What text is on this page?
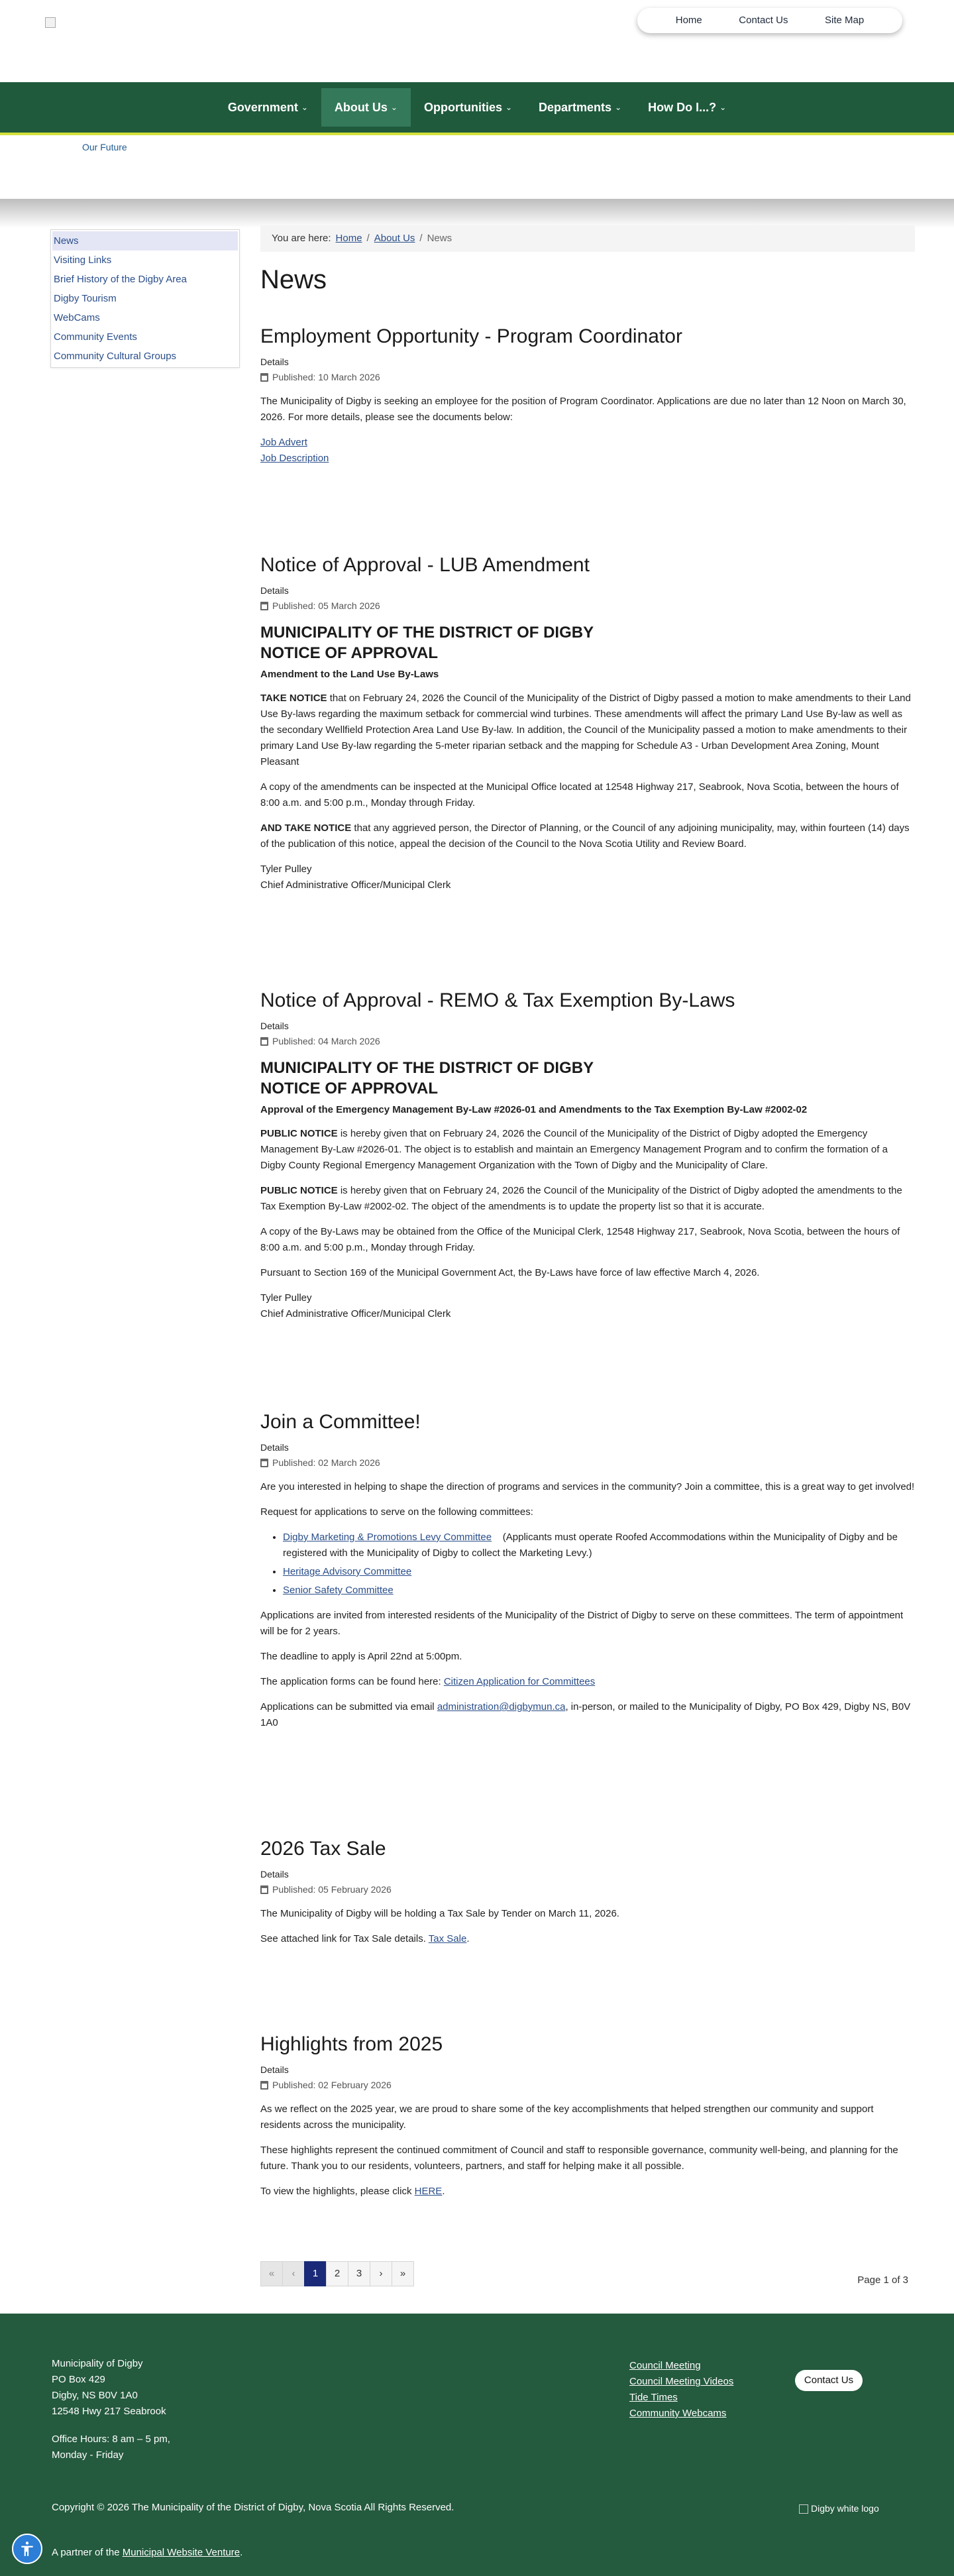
Home	Contact Us	Site Map
Government ⌄ About Us ⌄ Opportunities ⌄ Departments ⌄ How Do I...? ⌄
Our Future
News
Visiting Links
Brief History of the Digby Area
Digby Tourism
WebCams
Community Events
Community Cultural Groups
You are here: Home / About Us / News
News
Employment Opportunity - Program Coordinator
Details
Published: 10 March 2026

The Municipality of Digby is seeking an employee for the position of Program Coordinator. Applications are due no later than 12 Noon on March 30, 2026. For more details, please see the documents below:

Job Advert
Job Description
Notice of Approval - LUB Amendment
Details
Published: 05 March 2026
MUNICIPALITY OF THE DISTRICT OF DIGBY
NOTICE OF APPROVAL
Amendment to the Land Use By-Laws

TAKE NOTICE that on February 24, 2026 the Council of the Municipality of the District of Digby passed a motion to make amendments to their Land Use By-laws regarding the maximum setback for commercial wind turbines. These amendments will affect the primary Land Use By-law as well as the secondary Wellfield Protection Area Land Use By-law. In addition, the Council of the Municipality passed a motion to make amendments to their primary Land Use By-law regarding the 5-meter riparian setback and the mapping for Schedule A3 - Urban Development Area Zoning, Mount Pleasant

A copy of the amendments can be inspected at the Municipal Office located at 12548 Highway 217, Seabrook, Nova Scotia, between the hours of 8:00 a.m. and 5:00 p.m., Monday through Friday.

AND TAKE NOTICE that any aggrieved person, the Director of Planning, or the Council of any adjoining municipality, may, within fourteen (14) days of the publication of this notice, appeal the decision of the Council to the Nova Scotia Utility and Review Board.

Tyler Pulley

Chief Administrative Officer/Municipal Clerk

Notice of Approval - REMO & Tax Exemption By-Laws
Details
Published: 04 March 2026
MUNICIPALITY OF THE DISTRICT OF DIGBY
NOTICE OF APPROVAL
Approval of the Emergency Management By-Law #2026-01 and Amendments to the Tax Exemption By-Law #2002-02

PUBLIC NOTICE is hereby given that on February 24, 2026 the Council of the Municipality of the District of Digby adopted the Emergency Management By-Law #2026-01. The object is to establish and maintain an Emergency Management Program and to confirm the formation of a Digby County Regional Emergency Management Organization with the Town of Digby and the Municipality of Clare.

PUBLIC NOTICE is hereby given that on February 24, 2026 the Council of the Municipality of the District of Digby adopted the amendments to the Tax Exemption By-Law #2002-02. The object of the amendments is to update the property list so that it is accurate.

A copy of the By-Laws may be obtained from the Office of the Municipal Clerk, 12548 Highway 217, Seabrook, Nova Scotia, between the hours of 8:00 a.m. and 5:00 p.m., Monday through Friday.

Pursuant to Section 169 of the Municipal Government Act, the By-Laws have force of law effective March 4, 2026.

Tyler Pulley

Chief Administrative Officer/Municipal Clerk

Join a Committee!
Details
Published: 02 March 2026

Are you interested in helping to shape the direction of programs and services in the community? Join a committee, this is a great way to get involved!

Request for applications to serve on the following committees:

• Digby Marketing & Promotions Levy Committee    (Applicants must operate Roofed Accommodations within the Municipality of Digby and be registered with the Municipality of Digby to collect the Marketing Levy.)
• Heritage Advisory Committee
• Senior Safety Committee

Applications are invited from interested residents of the Municipality of the District of Digby to serve on these committees. The term of appointment will be for 2 years.

The deadline to apply is April 22nd at 5:00pm.

The application forms can be found here: Citizen Application for Committees

Applications can be submitted via email administration@digbymun.ca, in-person, or mailed to the Municipality of Digby, PO Box 429, Digby NS, B0V 1A0

2026 Tax Sale
Details
Published: 05 February 2026

The Municipality of Digby will be holding a Tax Sale by Tender on March 11, 2026.

See attached link for Tax Sale details. Tax Sale.

Highlights from 2025
Details
Published: 02 February 2026

As we reflect on the 2025 year, we are proud to share some of the key accomplishments that helped strengthen our community and support residents across the municipality.

These highlights represent the continued commitment of Council and staff to responsible governance, community well-being, and planning for the future. Thank you to our residents, volunteers, partners, and staff for helping make it all possible.

To view the highlights, please click HERE.

«	‹	1	2	3	›	»
Page 1 of 3
Municipality of Digby
PO Box 429
Digby, NS B0V 1A0
12548 Hwy 217 Seabrook
Office Hours: 8 am – 5 pm,
Monday - Friday
Council Meeting
Council Meeting Videos
Tide Times
Community Webcams
Contact Us
Copyright © 2026 The Municipality of the District of Digby, Nova Scotia All Rights Reserved.	Digby white logo
A partner of the Municipal Website Venture.
